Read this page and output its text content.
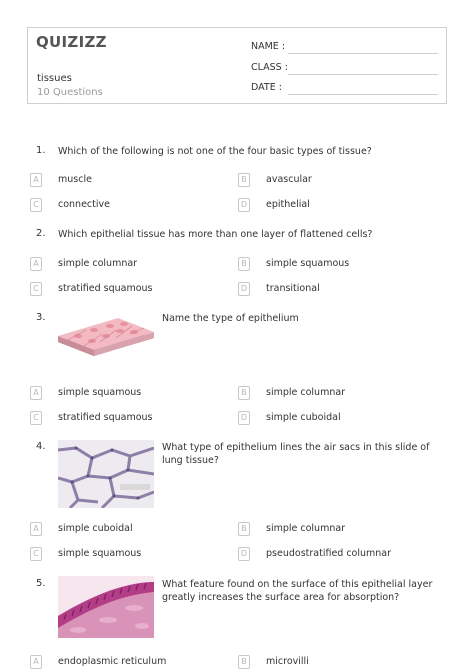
QUIZIZZ
tissues
10 Questions
NAME :
CLASS :
DATE :
1. Which of the following is not one of the four basic types of tissue?
A	muscle	B	avascular
C	connective	D	epithelial
2. Which epithelial tissue has more than one layer of flattened cells?
A	simple columnar	B	simple squamous
C	stratified squamous	D	transitional
3.	Name the type of epithelium
A	simple squamous	B	simple columnar
C	stratified squamous	D	simple cuboidal
4.	What type of epithelium lines the air sacs in this slide of lung tissue?
A	simple cuboidal	B	simple columnar
C	simple squamous	D	pseudostratified columnar
5.	What feature found on the surface of this epithelial layer greatly increases the surface area for absorption?
A	endoplasmic reticulum	B	microvilli
